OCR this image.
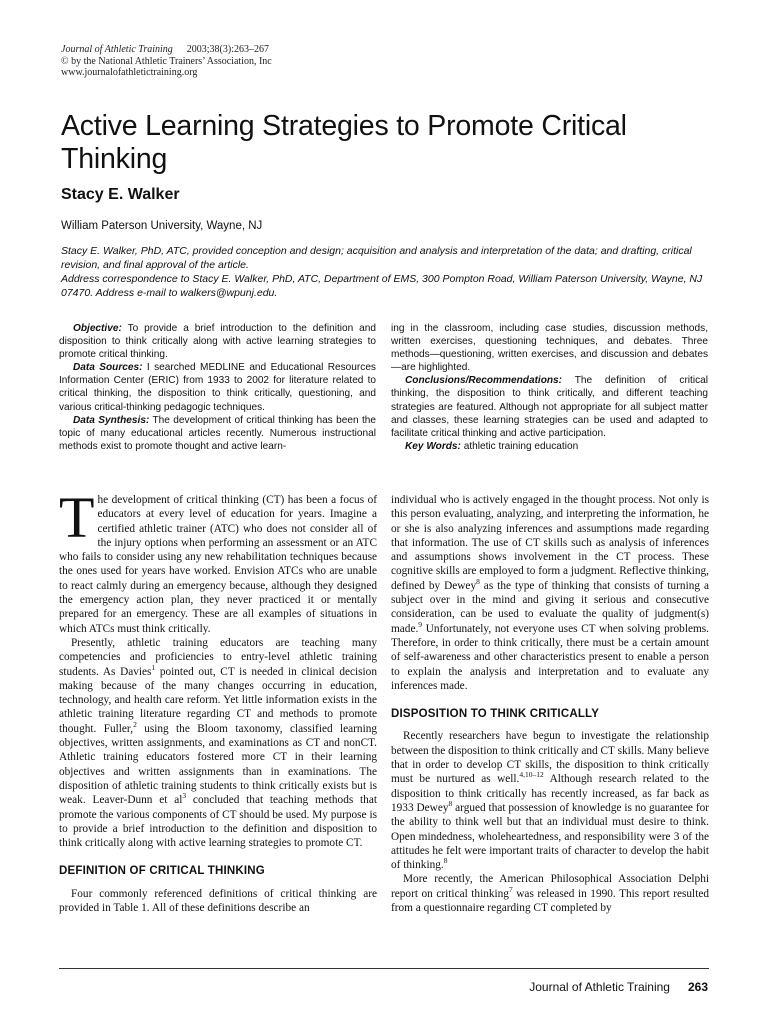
Journal of Athletic Training 2003;38(3):263–267
© by the National Athletic Trainers’ Association, Inc
www.journalofathletictraining.org
Active Learning Strategies to Promote Critical Thinking
Stacy E. Walker
William Paterson University, Wayne, NJ

Stacy E. Walker, PhD, ATC, provided conception and design; acquisition and analysis and interpretation of the data; and drafting, critical revision, and final approval of the article.

Address correspondence to Stacy E. Walker, PhD, ATC, Department of EMS, 300 Pompton Road, William Paterson University, Wayne, NJ 07470. Address e-mail to walkers@wpunj.edu.

Objective: To provide a brief introduction to the definition and disposition to think critically along with active learning strategies to promote critical thinking.

Data Sources: I searched MEDLINE and Educational Resources Information Center (ERIC) from 1933 to 2002 for literature related to critical thinking, the disposition to think critically, questioning, and various critical-thinking pedagogic techniques.

Data Synthesis: The development of critical thinking has been the topic of many educational articles recently. Numerous instructional methods exist to promote thought and active learn-

ing in the classroom, including case studies, discussion methods, written exercises, questioning techniques, and debates. Three methods—questioning, written exercises, and discussion and debates—are highlighted.

Conclusions/Recommendations: The definition of critical thinking, the disposition to think critically, and different teaching strategies are featured. Although not appropriate for all subject matter and classes, these learning strategies can be used and adapted to facilitate critical thinking and active participation.

Key Words: athletic training education

The development of critical thinking (CT) has been a focus of educators at every level of education for years. Imagine a certified athletic trainer (ATC) who does not consider all of the injury options when performing an assessment or an ATC who fails to consider using any new rehabilitation techniques because the ones used for years have worked. Envision ATCs who are unable to react calmly during an emergency because, although they designed the emergency action plan, they never practiced it or mentally prepared for an emergency. These are all examples of situations in which ATCs must think critically.

Presently, athletic training educators are teaching many competencies and proficiencies to entry-level athletic training students. As Davies$^1$ pointed out, CT is needed in clinical decision making because of the many changes occurring in education, technology, and health care reform. Yet little information exists in the athletic training literature regarding CT and methods to promote thought. Fuller,$^2$ using the Bloom taxonomy, classified learning objectives, written assignments, and examinations as CT and nonCT. Athletic training educators fostered more CT in their learning objectives and written assignments than in examinations. The disposition of athletic training students to think critically exists but is weak. Leaver-Dunn et $al^3$ concluded that teaching methods that promote the various components of CT should be used. My purpose is to provide a brief introduction to the definition and disposition to think critically along with active learning strategies to promote CT.

DEFINITION OF CRITICAL THINKING

Four commonly referenced definitions of critical thinking are provided in Table 1. All of these definitions describe an

individual who is actively engaged in the thought process. Not only is this person evaluating, analyzing, and interpreting the information, he or she is also analyzing inferences and assumptions made regarding that information. The use of CT skills such as analysis of inferences and assumptions shows involvement in the CT process. These cognitive skills are employed to form a judgment. Reflective thinking, defined by Dewey$^8$ as the type of thinking that consists of turning a subject over in the mind and giving it serious and consecutive consideration, can be used to evaluate the quality of judgment(s) made.$^9$ Unfortunately, not everyone uses CT when solving problems. Therefore, in order to think critically, there must be a certain amount of self-awareness and other characteristics present to enable a person to explain the analysis and interpretation and to evaluate any inferences made.

DISPOSITION TO THINK CRITICALLY

Recently researchers have begun to investigate the relationship between the disposition to think critically and CT skills. Many believe that in order to develop CT skills, the disposition to think critically must be nurtured as well.$^{4,10-12}$ Although research related to the disposition to think critically has recently increased, as far back as 1933 Dewey$^8$ argued that possession of knowledge is no guarantee for the ability to think well but that an individual must desire to think. Open mindedness, wholeheartedness, and responsibility were 3 of the attitudes he felt were important traits of character to develop the habit of thinking.$^8$

More recently, the American Philosophical Association Delphi report on critical thinking$^7$ was released in 1990. This report resulted from a questionnaire regarding CT completed by

Journal of Athletic Training 263
